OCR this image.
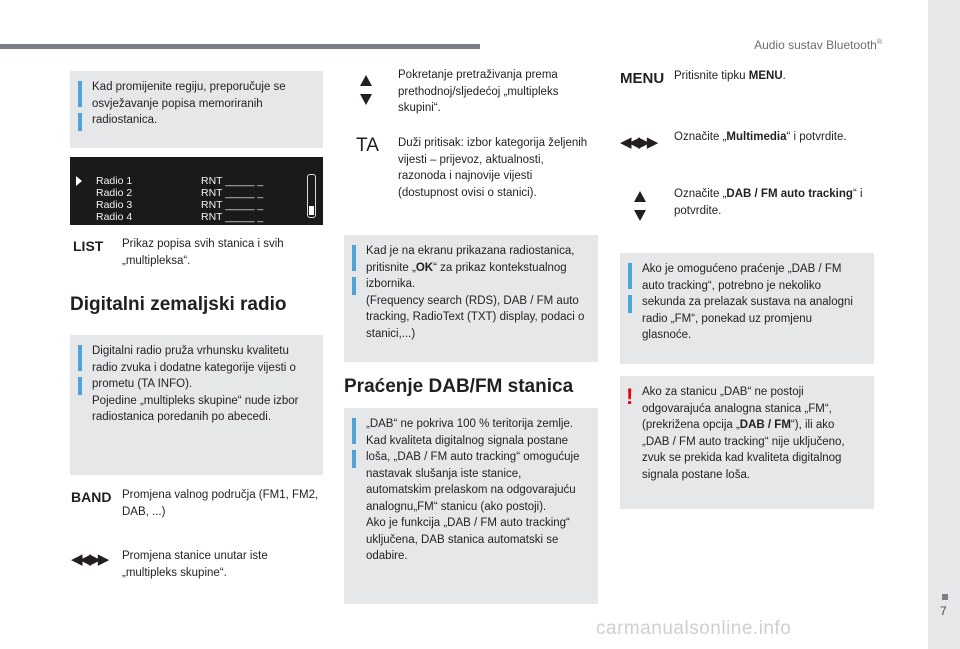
Audio sustav Bluetooth®
7
carmanualsonline.info
Kad promijenite regiju, preporučuje se osvježavanje popisa memoriranih radiostanica.
Radio 1
Radio 2
Radio 3
Radio 4
RNT _____ _
RNT _____ _
RNT _____ _
RNT _____ _
LIST Prikaz popisa svih stanica i svih „multipleksa“.
Digitalni zemaljski radio
Digitalni radio pruža vrhunsku kvalitetu radio zvuka i dodatne kategorije vijesti o prometu (TA INFO).
Pojedine „multipleks skupine“ nude izbor radiostanica poredanih po abecedi.
BAND Promjena valnog područja (FM1, FM2, DAB, ...)
◀◀ ▶▶ Promjena stanice unutar iste „multipleks skupine“.
Pokretanje pretraživanja prema prethodnoj/sljedećoj „multipleks skupini“.
TA Duži pritisak: izbor kategorija željenih vijesti – prijevoz, aktualnosti, razonoda i najnovije vijesti (dostupnost ovisi o stanici).
Kad je na ekranu prikazana radiostanica, pritisnite „OK“ za prikaz kontekstualnog izbornika.
(Frequency search (RDS), DAB / FM auto tracking, RadioText (TXT) display, podaci o stanici,...)
Praćenje DAB/FM stanica
„DAB“ ne pokriva 100 % teritorija zemlje.
Kad kvaliteta digitalnog signala postane loša, „DAB / FM auto tracking“ omogućuje nastavak slušanja iste stanice, automatskim prelaskom na odgovarajuću analognu„FM“ stanicu (ako postoji).
Ako je funkcija „DAB / FM auto tracking“ uključena, DAB stanica automatski se odabire.
MENU Pritisnite tipku MENU.
◀◀ ▶▶ Označite „Multimedia“ i potvrdite.
Označite „DAB / FM auto tracking“ i potvrdite.
Ako je omogućeno praćenje „DAB / FM auto tracking“, potrebno je nekoliko sekunda za prelazak sustava na analogni radio „FM“, ponekad uz promjenu glasnoće.
! Ako za stanicu „DAB“ ne postoji odgovarajuća analogna stanica „FM“, (prekrižena opcija „DAB / FM“), ili ako „DAB / FM auto tracking“ nije uključeno, zvuk se prekida kad kvaliteta digitalnog signala postane loša.
